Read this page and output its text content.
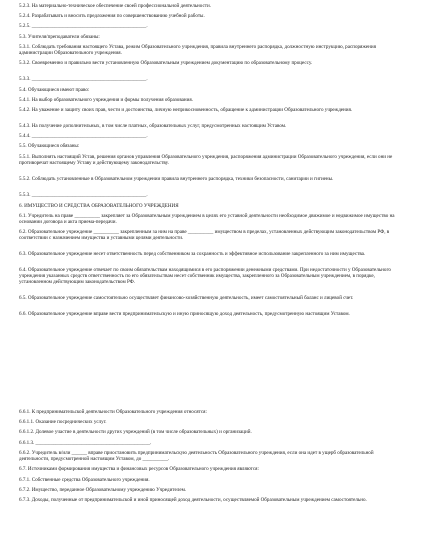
5.2.3. На материально-техническое обеспечение своей профессиональной деятельности.

5.2.4. Разрабатывать и вносить предложения по совершенствованию учебной работы.

5.2.5. _____________________________________________.

5.3. Учителя/преподаватели обязаны:

5.3.1. Соблюдать требования настоящего Устава, режим Образовательного учреждения, правила внутреннего распорядка, должностную инструкцию, распоряжения администрации Образовательного учреждения.

5.3.2. Своевременно и правильно вести установленную Образовательным учреждением документацию по образовательному процессу.

5.3.3. _____________________________________________.

5.4. Обучающиеся имеют право:

5.4.1. На выбор образовательного учреждения и формы получения образования.

5.4.2. На уважение и защиту своих прав, чести и достоинства, личную неприкосновенность, обращение к администрации Образовательного учреждения.

5.4.3. На получение дополнительных, в том числе платных, образовательных услуг, предусмотренных настоящим Уставом.

5.4.4. _____________________________________________.

5.5. Обучающиеся обязаны:

5.5.1. Выполнять настоящий Устав, решения органов управления Образовательного учреждения, распоряжения администрации Образовательного учреждения, если они не противоречат настоящему Уставу и действующему законодательству.

5.5.2. Соблюдать установленные в Образовательном учреждении правила внутреннего распорядка, техники безопасности, санитарии и гигиены.

5.5.3. _____________________________________________.

6. ИМУЩЕСТВО И СРЕДСТВА ОБРАЗОВАТЕЛЬНОГО УЧРЕЖДЕНИЯ

6.1. Учредитель на праве __________ закрепляет за Образовательным учреждением в целях его уставной деятельности необходимое движимое и недвижимое имущество на основании договора и акта приема-передачи.

6.2. Образовательное учреждение __________ закрепленным за ним на праве __________ имуществом в пределах, установленных действующим законодательством РФ, в соответствии с назначением имущества и уставными целями деятельности.

6.3. Образовательное учреждение несет ответственность перед собственником за сохранность и эффективное использование закрепленного за ним имущества.

6.4. Образовательное учреждение отвечает по своим обязательствам находящимися в его распоряжении денежными средствами. При недостаточности у Образовательного учреждения указанных средств ответственность по его обязательствам несет собственник имущества, закрепленного за Образовательным учреждением, в порядке, установленном действующим законодательством РФ.

6.5. Образовательное учреждение самостоятельно осуществляет финансово-хозяйственную деятельность, имеет самостоятельный баланс и лицевой счет.

6.6. Образовательное учреждение вправе вести предпринимательскую и иную приносящую доход деятельность, предусмотренную настоящим Уставом.

6.6.1. К предпринимательской деятельности Образовательного учреждения относятся:

6.6.1.1. Оказание посреднических услуг.

6.6.1.2. Долевое участие в деятельности других учреждений (в том числе образовательных) и организаций.

6.6.1.3. _____________________________________________.

6.6.2. Учредитель в/или ______ вправе приостановить предпринимательскую деятельность Образовательного учреждения, если она идет в ущерб образовательной деятельности, предусмотренной настоящим Уставом, до __________.

6.7. Источниками формирования имущества и финансовых ресурсов Образовательного учреждения являются:

6.7.1. Собственные средства Образовательного учреждения.

6.7.2. Имущество, переданное Образовательному учреждению Учредителем.

6.7.3. Доходы, полученные от предпринимательской и иной приносящей доход деятельности, осуществляемой Образовательным учреждением самостоятельно.
